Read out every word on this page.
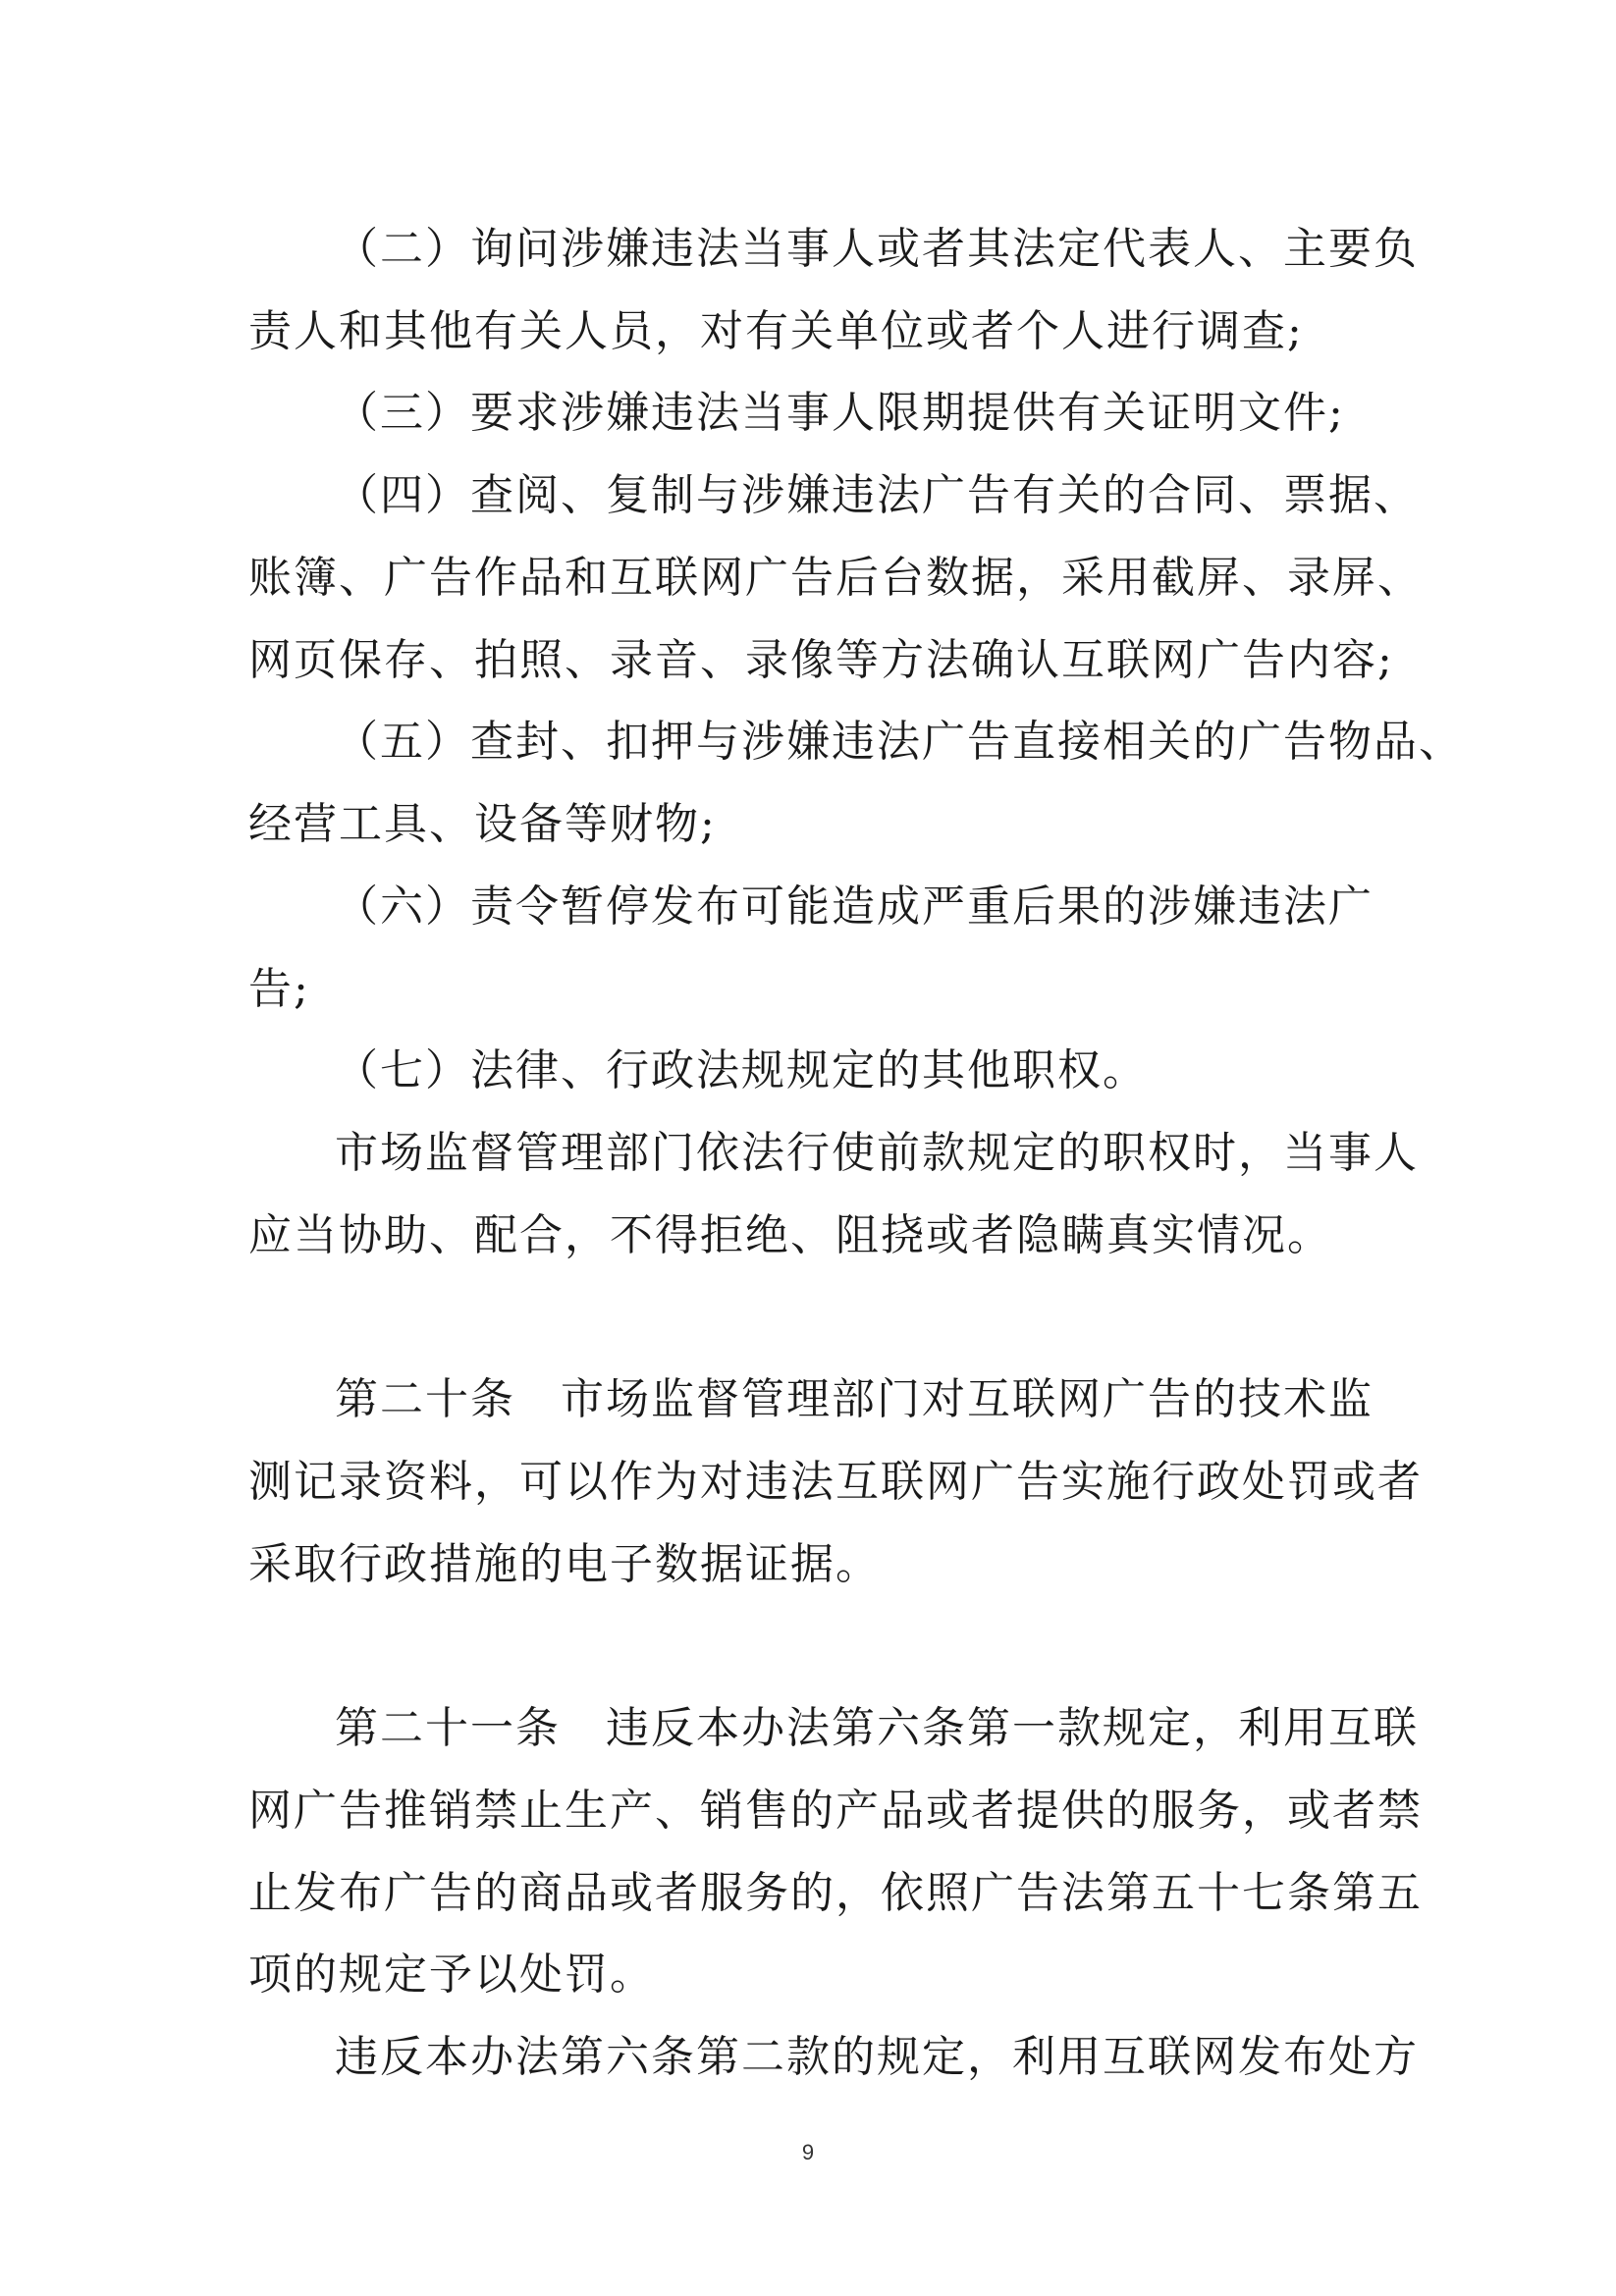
（二）询问涉嫌违法当事人或者其法定代表人、主要负
责人和其他有关人员，对有关单位或者个人进行调查;
（三）要求涉嫌违法当事人限期提供有关证明文件;
（四）查阅、复制与涉嫌违法广告有关的合同、票据、
账簿、广告作品和互联网广告后台数据，采用截屏、录屏、
网页保存、拍照、录音、录像等方法确认互联网广告内容;
（五）查封、扣押与涉嫌违法广告直接相关的广告物品、
经营工具、设备等财物;
（六）责令暂停发布可能造成严重后果的涉嫌违法广
告;
（七）法律、行政法规规定的其他职权。
市场监督管理部门依法行使前款规定的职权时，当事人
应当协助、配合，不得拒绝、阻挠或者隐瞒真实情况。
第二十条　市场监督管理部门对互联网广告的技术监
测记录资料，可以作为对违法互联网广告实施行政处罚或者
采取行政措施的电子数据证据。
第二十一条　违反本办法第六条第一款规定，利用互联
网广告推销禁止生产、销售的产品或者提供的服务，或者禁
止发布广告的商品或者服务的，依照广告法第五十七条第五
项的规定予以处罚。
违反本办法第六条第二款的规定，利用互联网发布处方
9
